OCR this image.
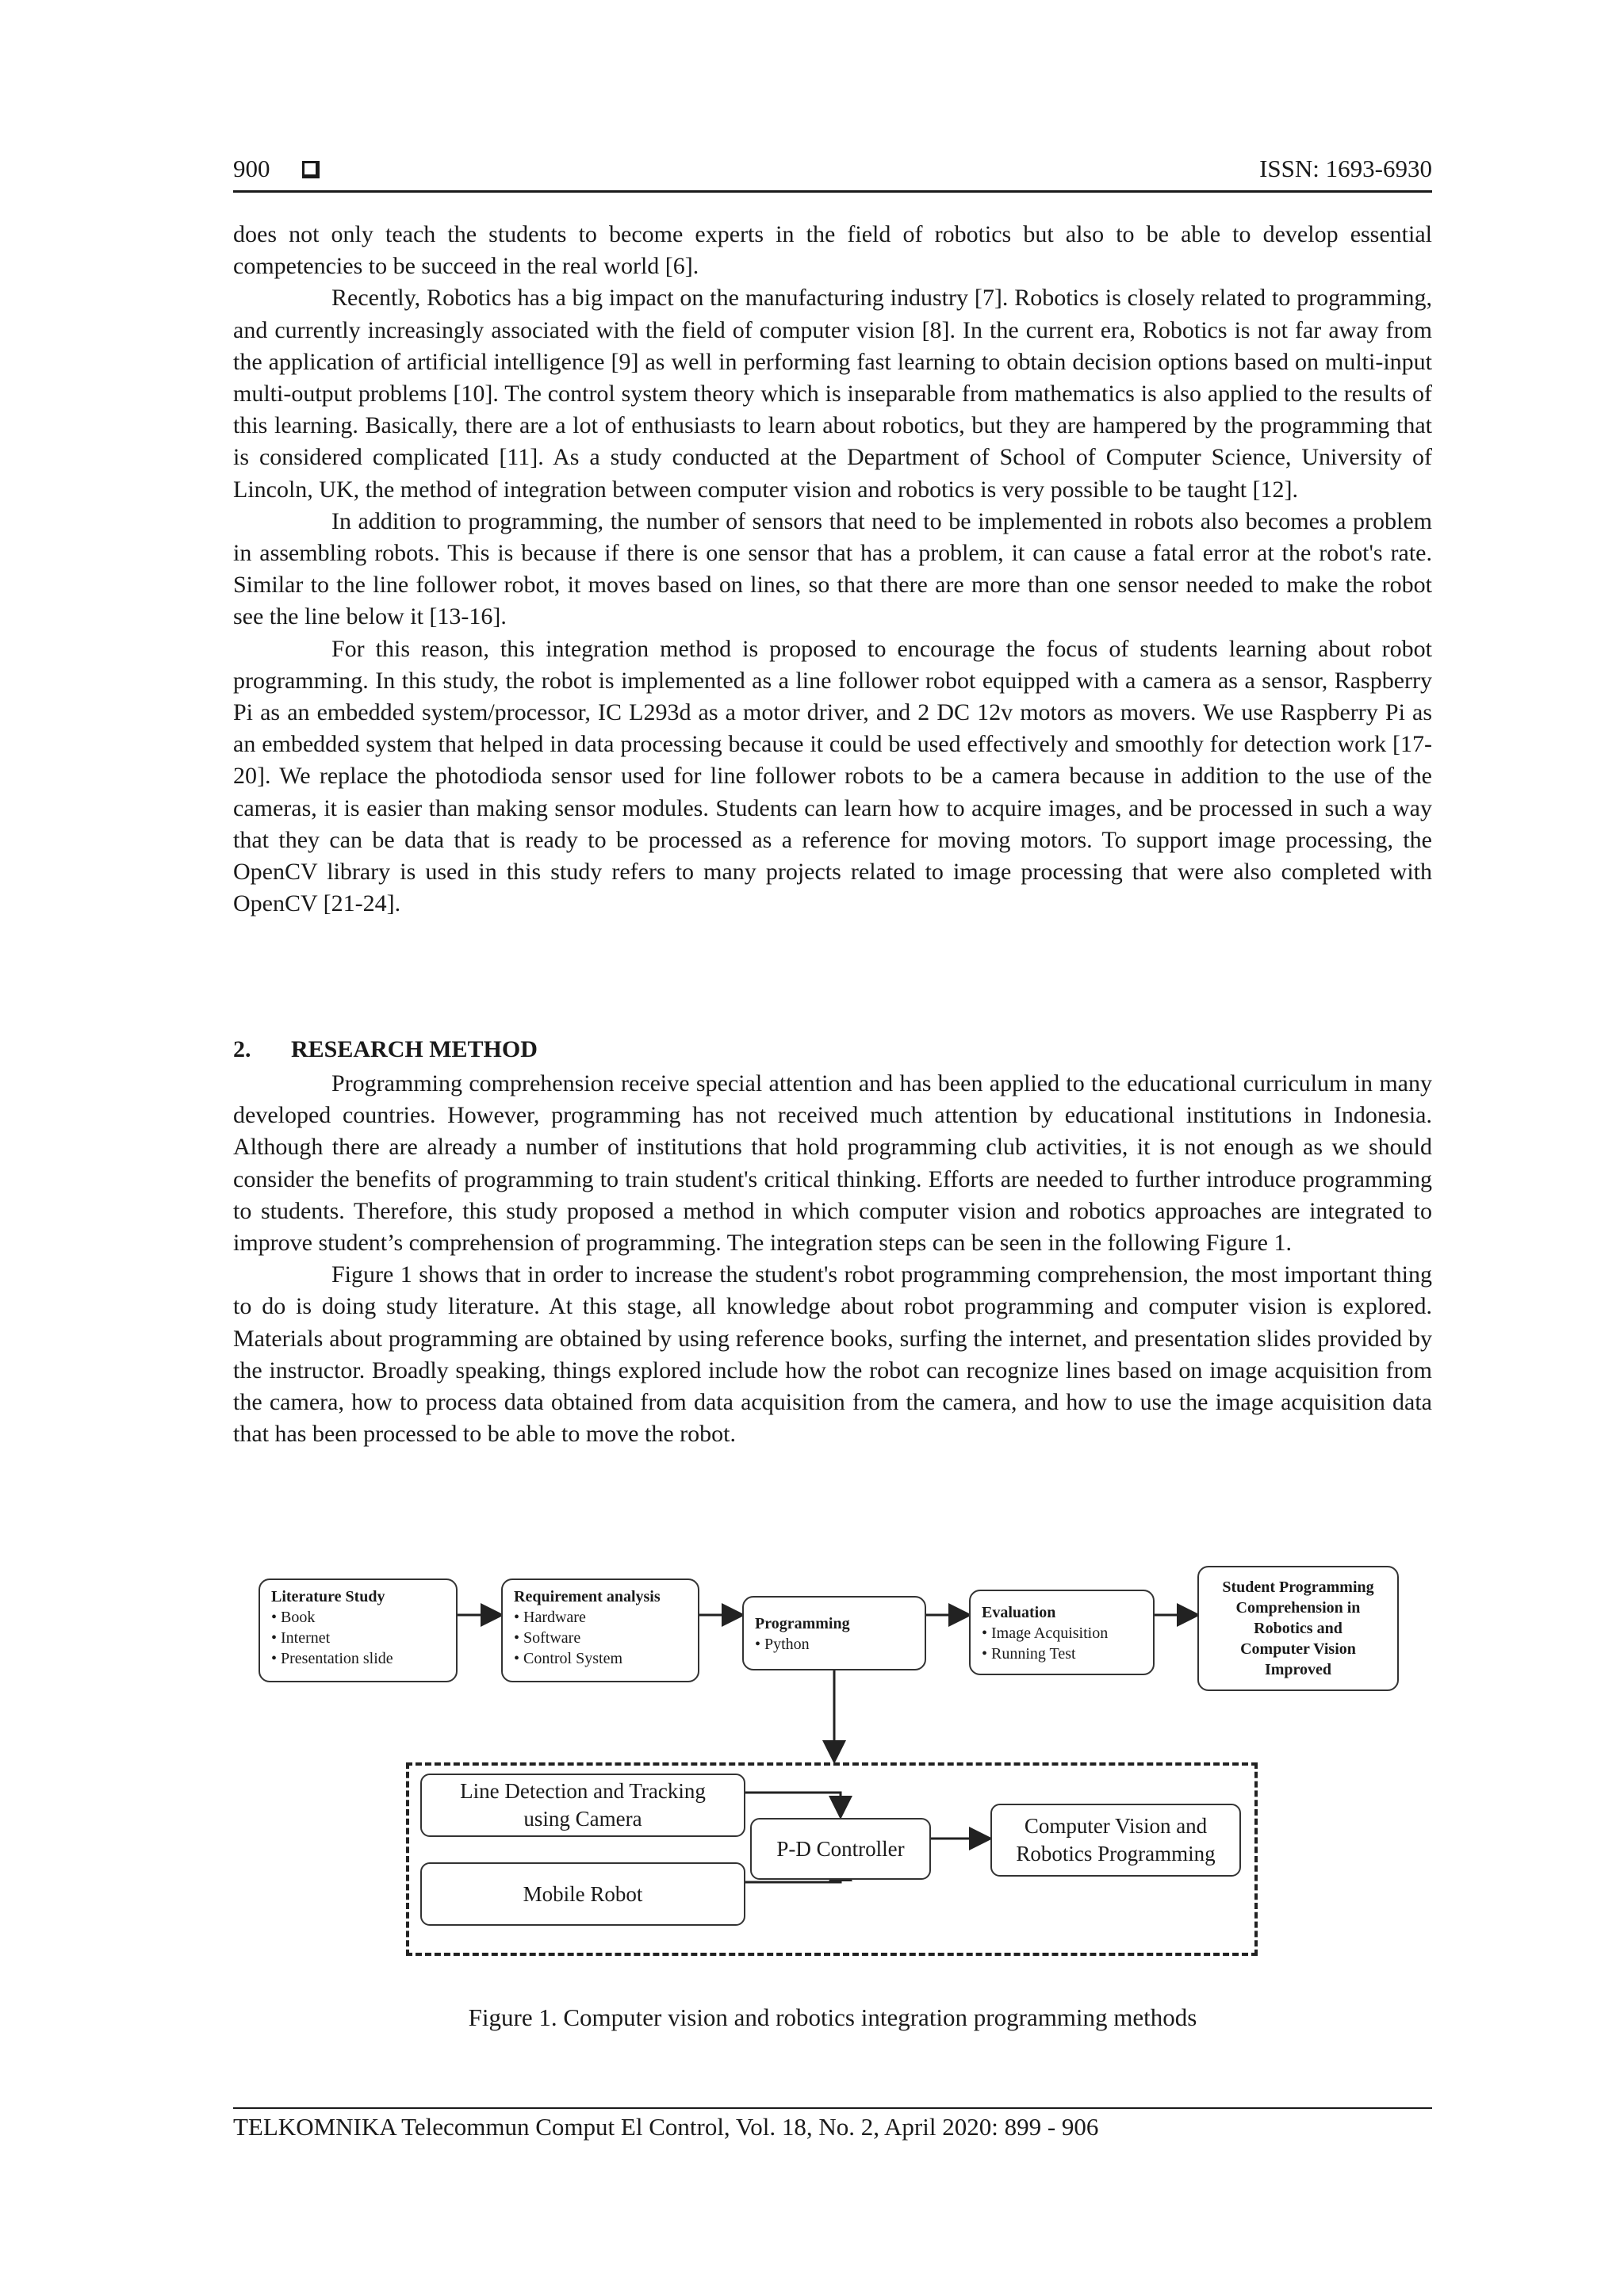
900	ISSN: 1693-6930

does not only teach the students to become experts in the field of robotics but also to be able to develop essential competencies to be succeed in the real world [6].

Recently, Robotics has a big impact on the manufacturing industry [7]. Robotics is closely related to programming, and currently increasingly associated with the field of computer vision [8]. In the current era, Robotics is not far away from the application of artificial intelligence [9] as well in performing fast learning to obtain decision options based on multi-input multi-output problems [10]. The control system theory which is inseparable from mathematics is also applied to the results of this learning. Basically, there are a lot of enthusiasts to learn about robotics, but they are hampered by the programming that is considered complicated [11]. As a study conducted at the Department of School of Computer Science, University of Lincoln, UK, the method of integration between computer vision and robotics is very possible to be taught [12].

In addition to programming, the number of sensors that need to be implemented in robots also becomes a problem in assembling robots. This is because if there is one sensor that has a problem, it can cause a fatal error at the robot's rate. Similar to the line follower robot, it moves based on lines, so that there are more than one sensor needed to make the robot see the line below it [13-16].

For this reason, this integration method is proposed to encourage the focus of students learning about robot programming. In this study, the robot is implemented as a line follower robot equipped with a camera as a sensor, Raspberry Pi as an embedded system/processor, IC L293d as a motor driver, and 2 DC 12v motors as movers. We use Raspberry Pi as an embedded system that helped in data processing because it could be used effectively and smoothly for detection work [17-20]. We replace the photodioda sensor used for line follower robots to be a camera because in addition to the use of the cameras, it is easier than making sensor modules. Students can learn how to acquire images, and be processed in such a way that they can be data that is ready to be processed as a reference for moving motors. To support image processing, the OpenCV library is used in this study refers to many projects related to image processing that were also completed with OpenCV [21-24].

2. RESEARCH METHOD

Programming comprehension receive special attention and has been applied to the educational curriculum in many developed countries. However, programming has not received much attention by educational institutions in Indonesia. Although there are already a number of institutions that hold programming club activities, it is not enough as we should consider the benefits of programming to train student's critical thinking. Efforts are needed to further introduce programming to students. Therefore, this study proposed a method in which computer vision and robotics approaches are integrated to improve student’s comprehension of programming. The integration steps can be seen in the following Figure 1.

Figure 1 shows that in order to increase the student's robot programming comprehension, the most important thing to do is doing study literature. At this stage, all knowledge about robot programming and computer vision is explored. Materials about programming are obtained by using reference books, surfing the internet, and presentation slides provided by the instructor. Broadly speaking, things explored include how the robot can recognize lines based on image acquisition from the camera, how to process data obtained from data acquisition from the camera, and how to use the image acquisition data that has been processed to be able to move the robot.

Literature Study
• Book
• Internet
• Presentation slide
Requirement analysis
• Hardware
• Software
• Control System
Programming
• Python
Evaluation
• Image Acquisition
• Running Test
Student Programming
Comprehension in
Robotics and
Computer Vision
Improved
Line Detection and Tracking
using Camera
Mobile Robot
P-D Controller
Computer Vision and
Robotics Programming
Figure 1. Computer vision and robotics integration programming methods
TELKOMNIKA Telecommun Comput El Control, Vol. 18, No. 2, April 2020: 899 - 906
